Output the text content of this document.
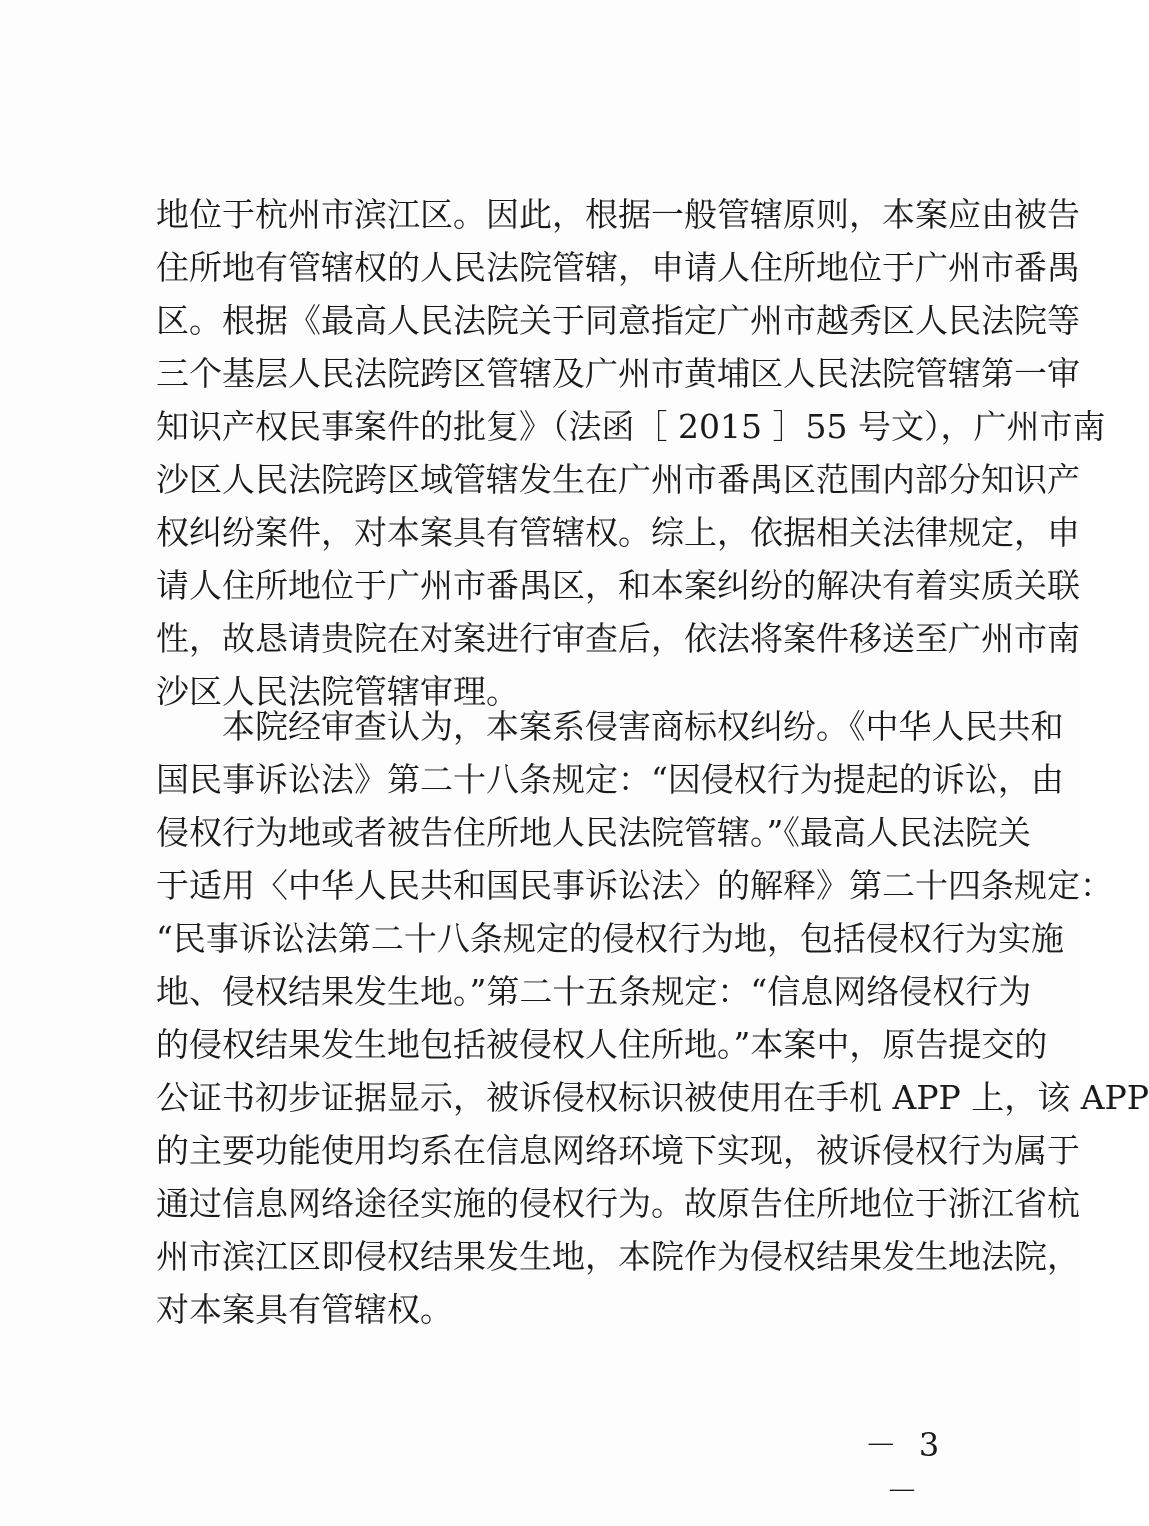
地位于杭州市滨江区。因此，根据一般管辖原则，本案应由被告
住所地有管辖权的人民法院管辖，申请人住所地位于广州市番禺
区。根据《最高人民法院关于同意指定广州市越秀区人民法院等
三个基层人民法院跨区管辖及广州市黄埔区人民法院管辖第一审
知识产权民事案件的批复》（法函［ 2015 ］55 号文），广州市南
沙区人民法院跨区域管辖发生在广州市番禺区范围内部分知识产
权纠纷案件，对本案具有管辖权。综上，依据相关法律规定，申
请人住所地位于广州市番禺区，和本案纠纷的解决有着实质关联
性，故恳请贵院在对案进行审查后，依法将案件移送至广州市南
沙区人民法院管辖审理。
　　本院经审查认为，本案系侵害商标权纠纷。《中华人民共和
国民事诉讼法》第二十八条规定：“因侵权行为提起的诉讼，由
侵权行为地或者被告住所地人民法院管辖。”《最高人民法院关
于适用〈中华人民共和国民事诉讼法〉的解释》第二十四条规定：
“民事诉讼法第二十八条规定的侵权行为地，包括侵权行为实施
地、侵权结果发生地。”第二十五条规定：“信息网络侵权行为
的侵权结果发生地包括被侵权人住所地。”本案中，原告提交的
公证书初步证据显示，被诉侵权标识被使用在手机 APP 上，该 APP
的主要功能使用均系在信息网络环境下实现，被诉侵权行为属于
通过信息网络途径实施的侵权行为。故原告住所地位于浙江省杭
州市滨江区即侵权结果发生地，本院作为侵权结果发生地法院，
对本案具有管辖权。
－ 3 －
